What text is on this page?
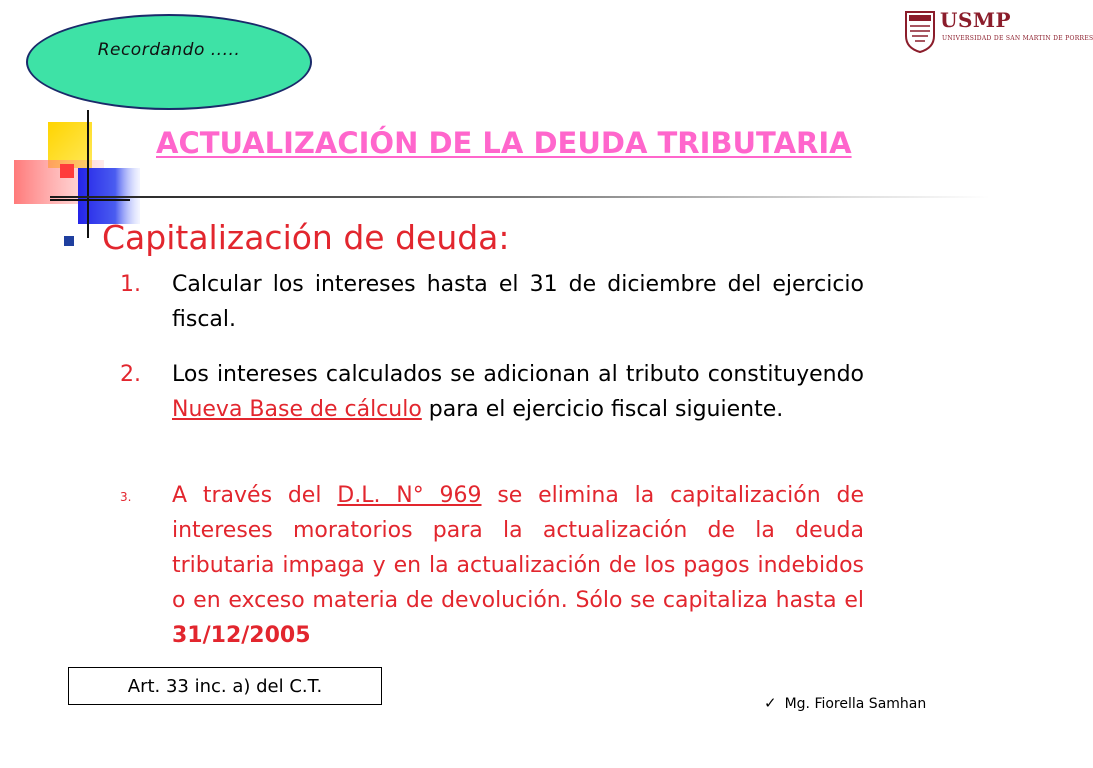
Recordando .....
USMP
UNIVERSIDAD DE SAN MARTIN DE PORRES
ACTUALIZACIÓN DE LA DEUDA TRIBUTARIA
Capitalización de deuda:
1. Calcular los intereses hasta el 31 de diciembre del ejercicio fiscal.
2. Los intereses calculados se adicionan al tributo constituyendo Nueva Base de cálculo para el ejercicio fiscal siguiente.
3. A través del D.L. N° 969 se elimina la capitalización de intereses moratorios para la actualización de la deuda tributaria impaga y en la actualización de los pagos indebidos o en exceso materia de devolución. Sólo se capitaliza hasta el 31/12/2005
Art. 33 inc. a) del C.T.
✓ Mg. Fiorella Samhan
